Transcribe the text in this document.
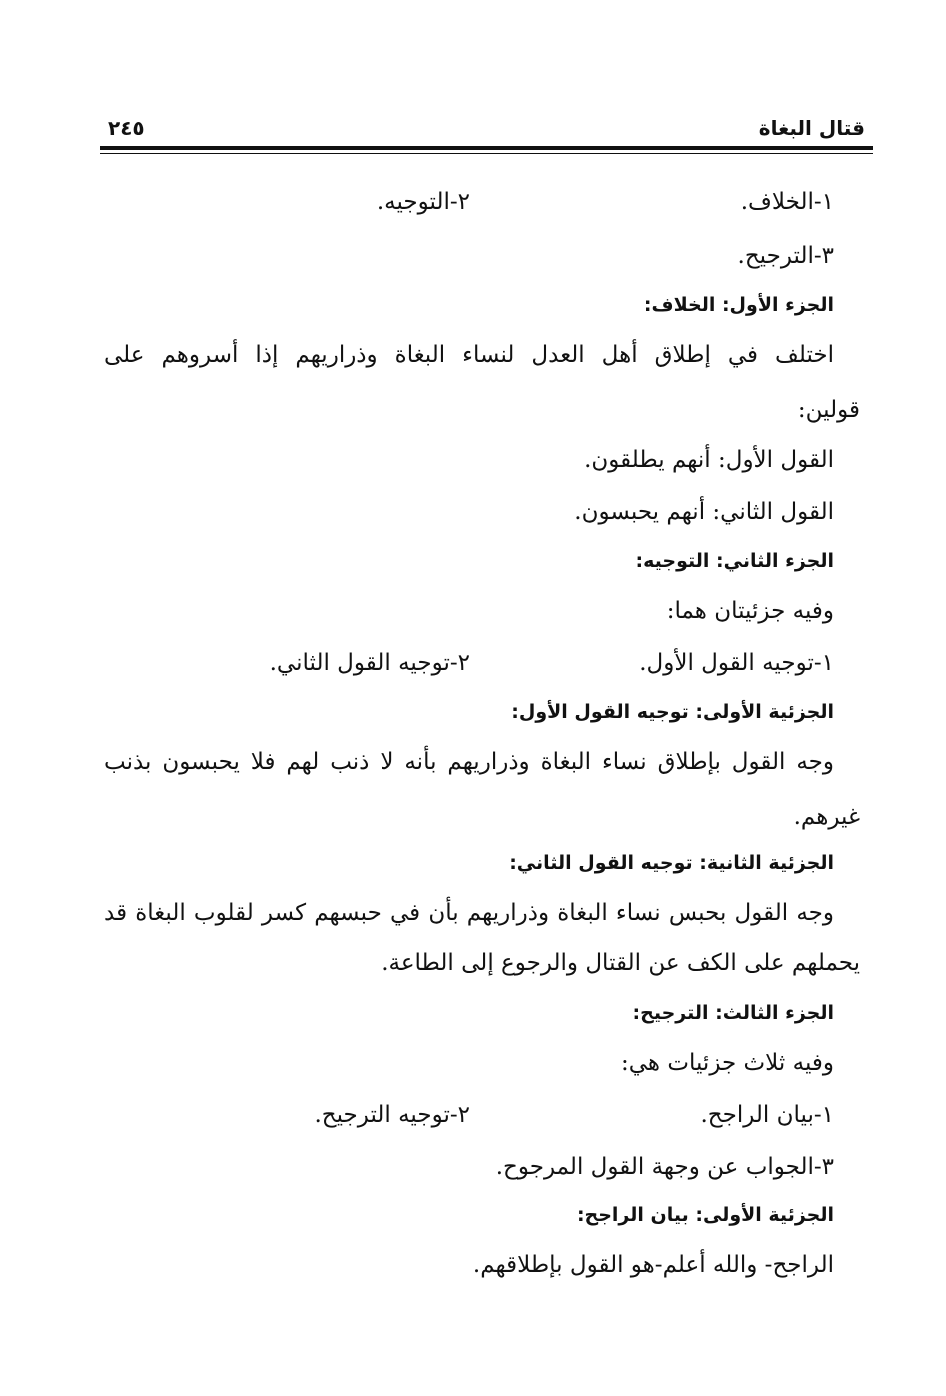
قتال البغاة
٢٤٥
١-الخلاف.
٢-التوجيه.
٣-الترجيح.
الجزء الأول: الخلاف:
اختلف في إطلاق أهل العدل لنساء البغاة وذراريهم إذا أسروهم على
قولين:
القول الأول: أنهم يطلقون.
القول الثاني: أنهم يحبسون.
الجزء الثاني: التوجيه:
وفيه جزئيتان هما:
١-توجيه القول الأول.
٢-توجيه القول الثاني.
الجزئية الأولى: توجيه القول الأول:
وجه القول بإطلاق نساء البغاة وذراريهم بأنه لا ذنب لهم فلا يحبسون بذنب
غيرهم.
الجزئية الثانية: توجيه القول الثاني:
وجه القول بحبس نساء البغاة وذراريهم بأن في حبسهم كسر لقلوب البغاة قد
يحملهم على الكف عن القتال والرجوع إلى الطاعة.
الجزء الثالث: الترجيح:
وفيه ثلاث جزئيات هي:
١-بيان الراجح.
٢-توجيه الترجيح.
٣-الجواب عن وجهة القول المرجوح.
الجزئية الأولى: بيان الراجح:
الراجح- والله أعلم-هو القول بإطلاقهم.
